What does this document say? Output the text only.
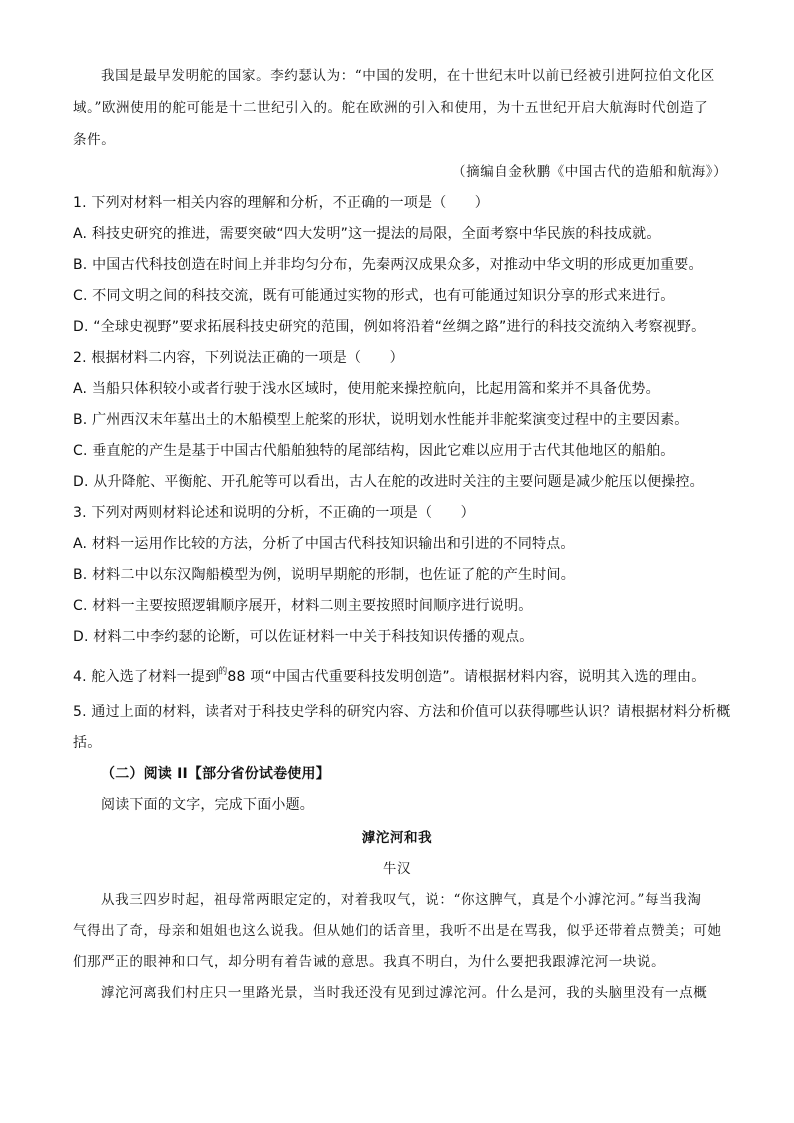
我国是最早发明舵的国家。李约瑟认为：“中国的发明，在十世纪末叶以前已经被引进阿拉伯文化区
域。”欧洲使用的舵可能是十二世纪引入的。舵在欧洲的引入和使用，为十五世纪开启大航海时代创造了
条件。
（摘编自金秋鹏《中国古代的造船和航海》）
1. 下列对材料一相关内容的理解和分析，不正确的一项是（　　）
A. 科技史研究的推进，需要突破“四大发明”这一提法的局限，全面考察中华民族的科技成就。
B. 中国古代科技创造在时间上并非均匀分布，先秦两汉成果众多，对推动中华文明的形成更加重要。
C. 不同文明之间的科技交流，既有可能通过实物的形式，也有可能通过知识分享的形式来进行。
D. “全球史视野”要求拓展科技史研究的范围，例如将沿着“丝绸之路”进行的科技交流纳入考察视野。
2. 根据材料二内容，下列说法正确的一项是（　　）
A. 当船只体积较小或者行驶于浅水区域时，使用舵来操控航向，比起用篙和桨并不具备优势。
B. 广州西汉末年墓出土的木船模型上舵桨的形状，说明划水性能并非舵桨演变过程中的主要因素。
C. 垂直舵的产生是基于中国古代船舶独特的尾部结构，因此它难以应用于古代其他地区的船舶。
D. 从升降舵、平衡舵、开孔舵等可以看出，古人在舵的改进时关注的主要问题是减少舵压以便操控。
3. 下列对两则材料论述和说明的分析，不正确的一项是（　　）
A. 材料一运用作比较的方法，分析了中国古代科技知识输出和引进的不同特点。
B. 材料二中以东汉陶船模型为例，说明早期舵的形制，也佐证了舵的产生时间。
C. 材料一主要按照逻辑顺序展开，材料二则主要按照时间顺序进行说明。
D. 材料二中李约瑟的论断，可以佐证材料一中关于科技知识传播的观点。
4. 舵入选了材料一提到$^的$88 项“中国古代重要科技发明创造”。请根据材料内容，说明其入选的理由。
5. 通过上面的材料，读者对于科技史学科的研究内容、方法和价值可以获得哪些认识？请根据材料分析概
括。
（二）阅读 II【部分省份试卷使用】
阅读下面的文字，完成下面小题。
滹沱河和我
牛汉
从我三四岁时起，祖母常两眼定定的，对着我叹气，说：“你这脾气，真是个小滹沱河。”每当我淘
气得出了奇，母亲和姐姐也这么说我。但从她们的话音里，我听不出是在骂我，似乎还带着点赞美；可她
们那严正的眼神和口气，却分明有着告诫的意思。我真不明白，为什么要把我跟滹沱河一块说。
滹沱河离我们村庄只一里路光景，当时我还没有见到过滹沱河。什么是河，我的头脑里没有一点概
